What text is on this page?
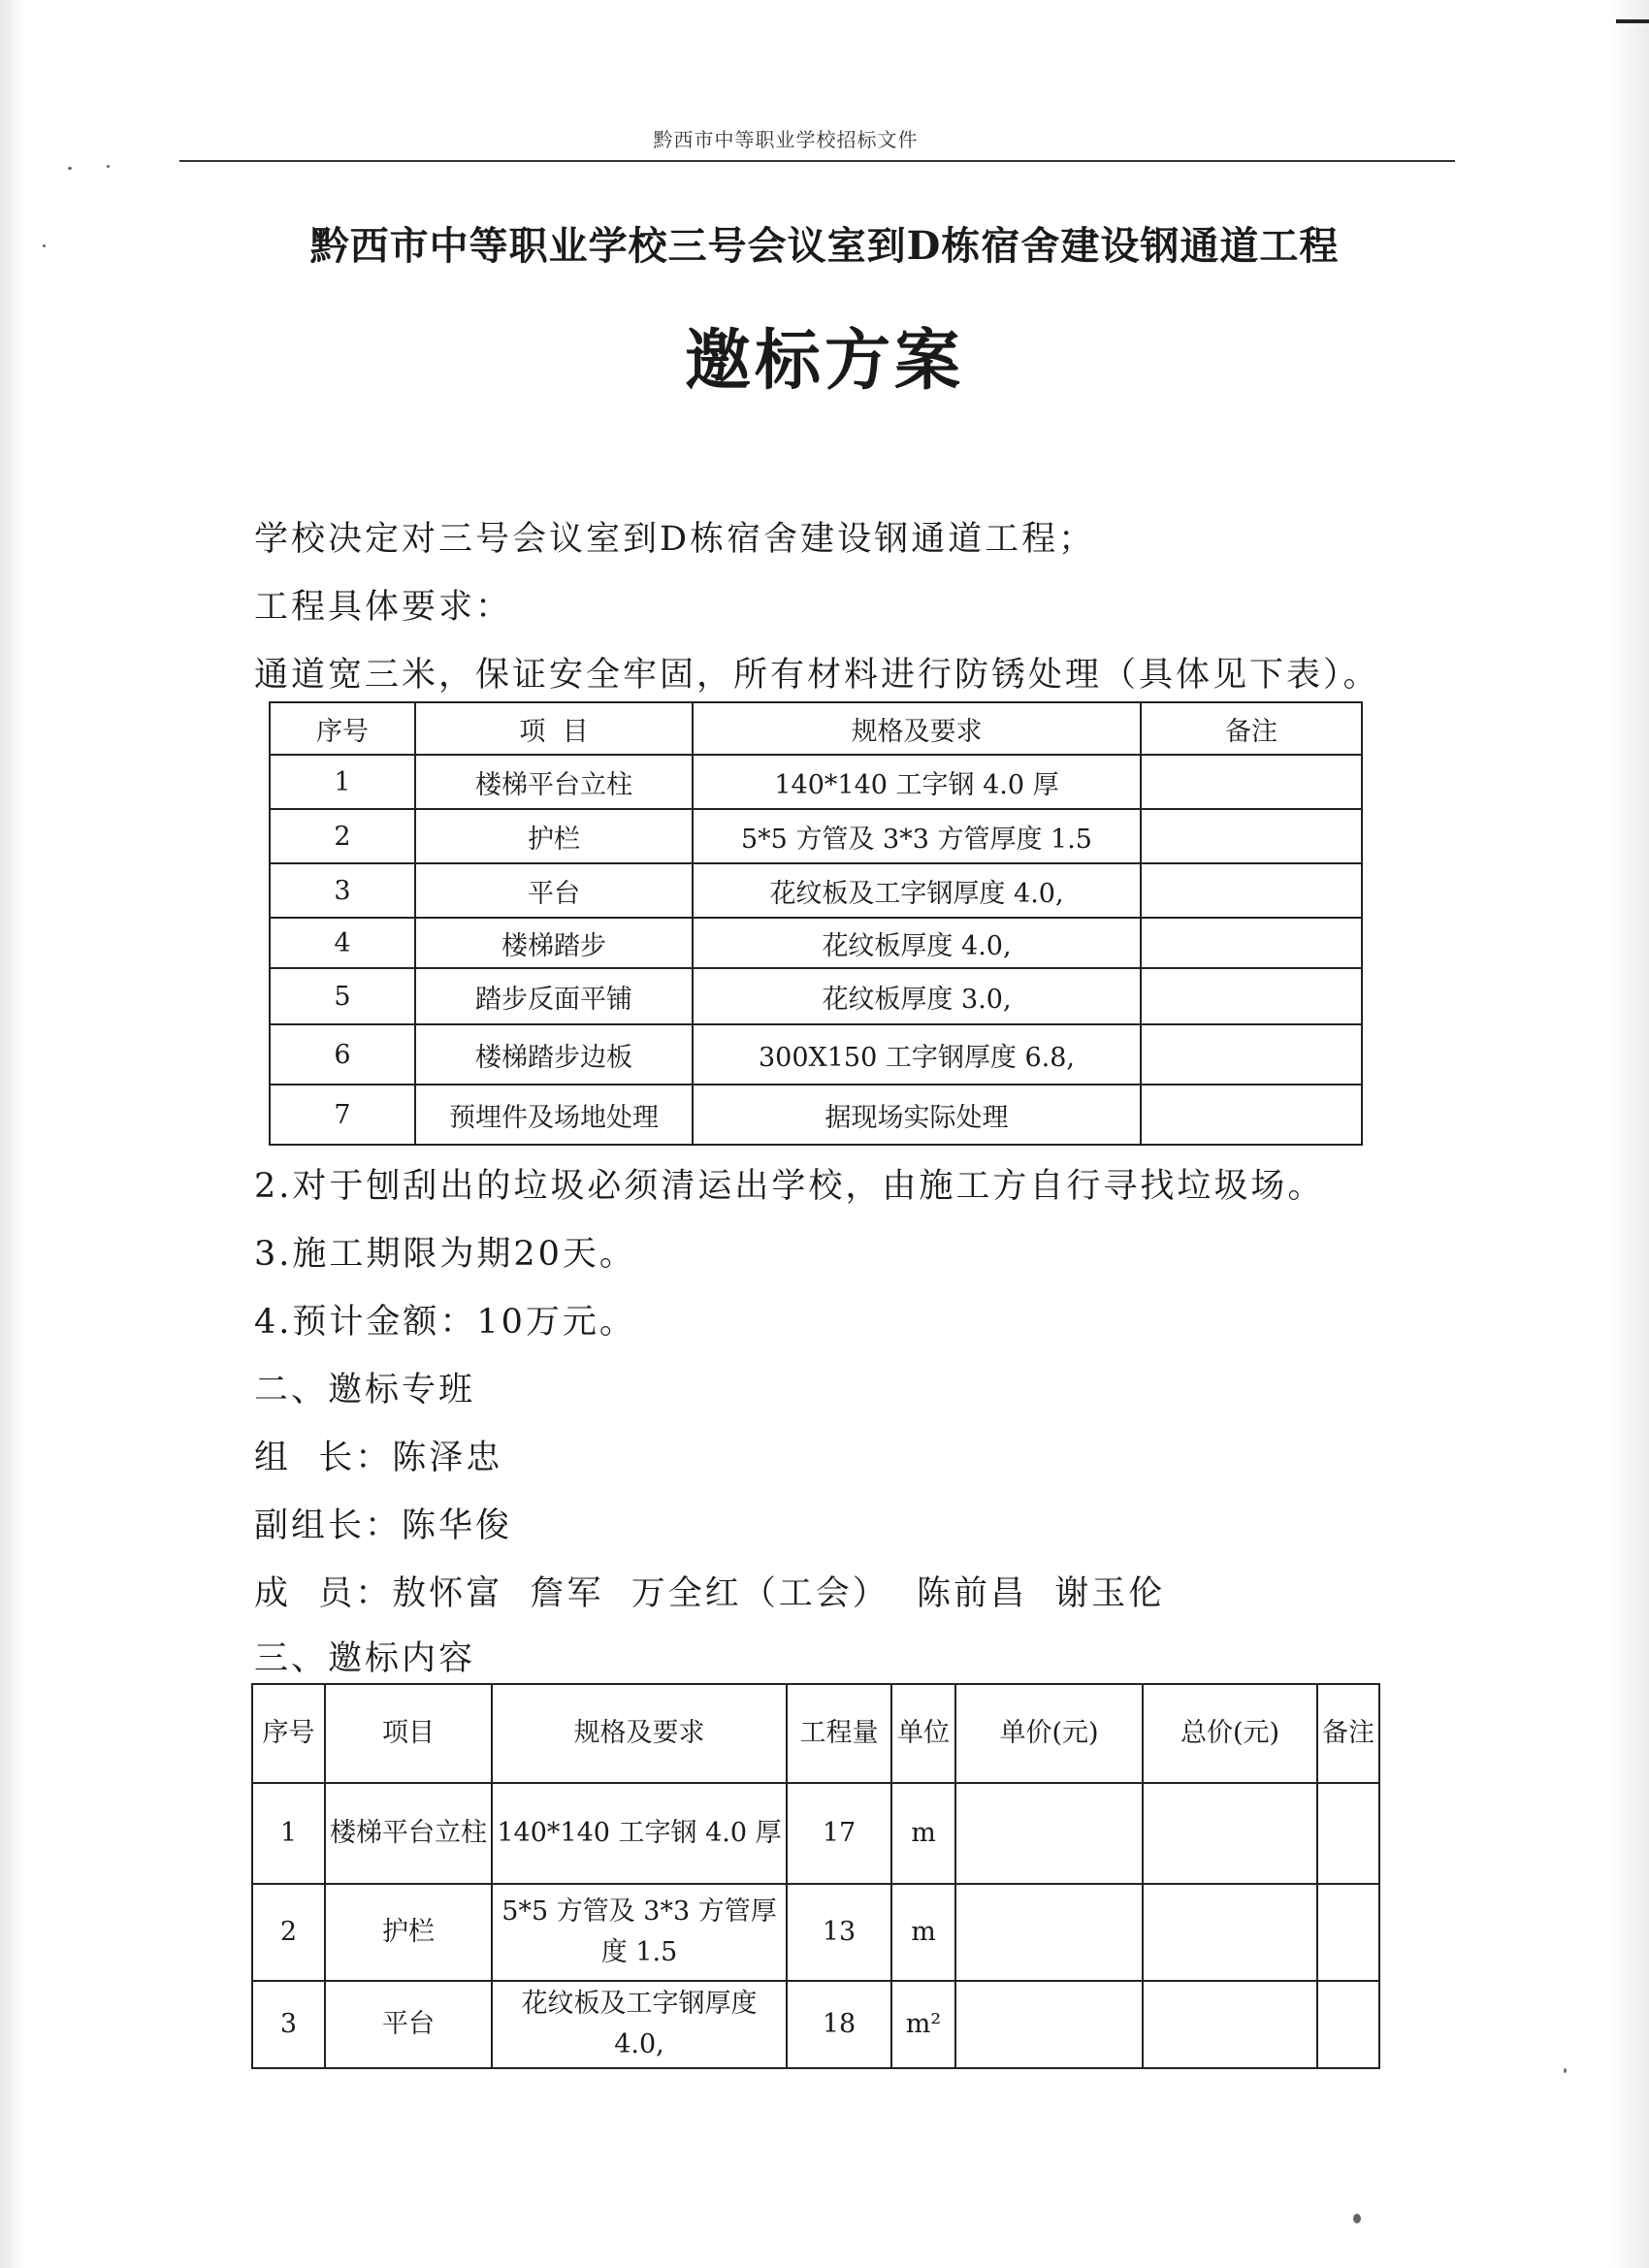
黔西市中等职业学校招标文件
黔西市中等职业学校三号会议室到D栋宿舍建设钢通道工程
邀标方案
学校决定对三号会议室到D栋宿舍建设钢通道工程；
工程具体要求：
通道宽三米，保证安全牢固，所有材料进行防锈处理（具体见下表）。
序号	项  目	规格及要求	备注
1	楼梯平台立柱	140*140 工字钢 4.0 厚	
2	护栏	5*5 方管及 3*3 方管厚度 1.5	
3	平台	花纹板及工字钢厚度 4.0,	
4	楼梯踏步	花纹板厚度 4.0,	
5	踏步反面平铺	花纹板厚度 3.0,	
6	楼梯踏步边板	300X150 工字钢厚度 6.8,	
7	预埋件及场地处理	据现场实际处理	
2.对于刨刮出的垃圾必须清运出学校，由施工方自行寻找垃圾场。
3.施工期限为期20天。
4.预计金额：10万元。
二、邀标专班
组  长：陈泽忠
副组长：陈华俊
成  员：敖怀富  詹军  万全红（工会）  陈前昌  谢玉伦
三、邀标内容
序号	项目	规格及要求	工程量	单位	单价(元)	总价(元)	备注
1	楼梯平台立柱	140*140 工字钢 4.0 厚	17	m			
2	护栏	5*5 方管及 3*3 方管厚度 1.5	13	m			
3	平台	花纹板及工字钢厚度 4.0,	18	m²			
